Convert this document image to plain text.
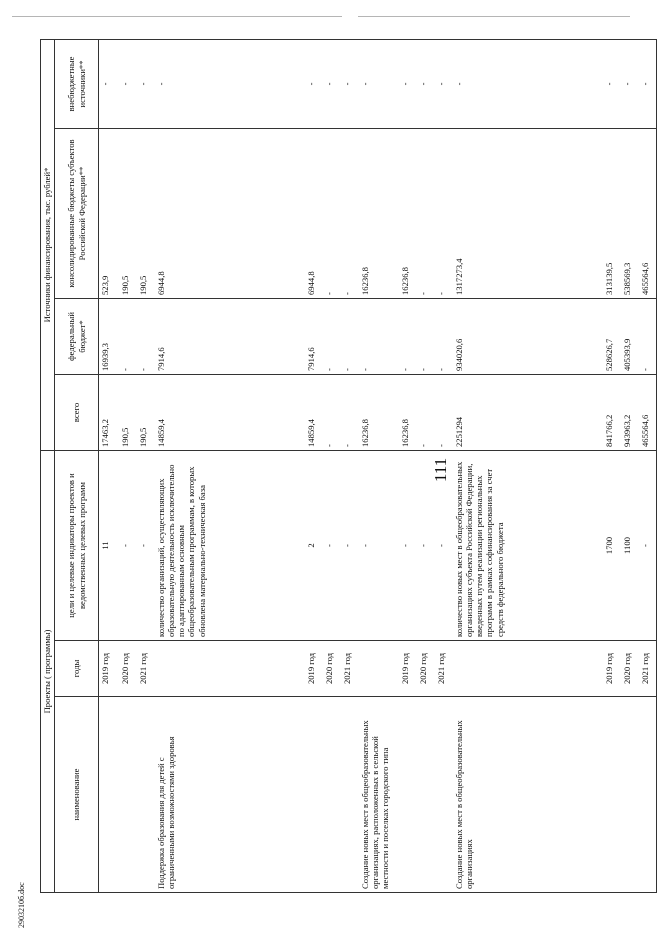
111
2903210б.doc
Проекты ( программы)			Источники финансирования, тыс. рублей*			
наименование	годы	цели и целевые индикаторы проектов и ведомственных целевых программ	всего	федеральный бюджет*	консолидированные бюджеты субъектов Российской Федерации**	внебюджетные источники**
	2019 год	11	17463,2	16939,3	523,9	-
	2020 год	-	190,5	-	190,5	-
	2021 год	-	190,5	-	190,5	-
Поддержка образования для детей с ограниченными возможностями здоровья		количество организаций, осуществляющих образовательную деятельность исключительно по адаптированным основным общеобразовательным программам, в которых обновлена материально-техническая база	14859,4	7914,6	6944,8	-
	2019 год	2	14859,4	7914,6	6944,8	-
	2020 год	-	-	-	-	-
	2021 год	-	-	-	-	-
Создание новых мест в общеобразовательных организациях, расположенных в сельской местности и поселках городского типа		-	16236,8	-	16236,8	-
	2019 год	-	16236,8	-	16236,8	-
	2020 год	-	-	-	-	-
	2021 год	-	-	-	-	-
Создание новых мест в общеобразовательных организациях		количество новых мест в общеобразовательных организациях субъекта Российской Федерации, введенных путем реализации региональных программ в рамках софинансирования за счет средств федерального бюджета	2251294	934020,6	1317273,4	-
	2019 год	1700	841766,2	528626,7	313139,5	-
	2020 год	1100	943963,2	405393,9	538569,3	-
	2021 год	-	465564,6	-	465564,6	-
